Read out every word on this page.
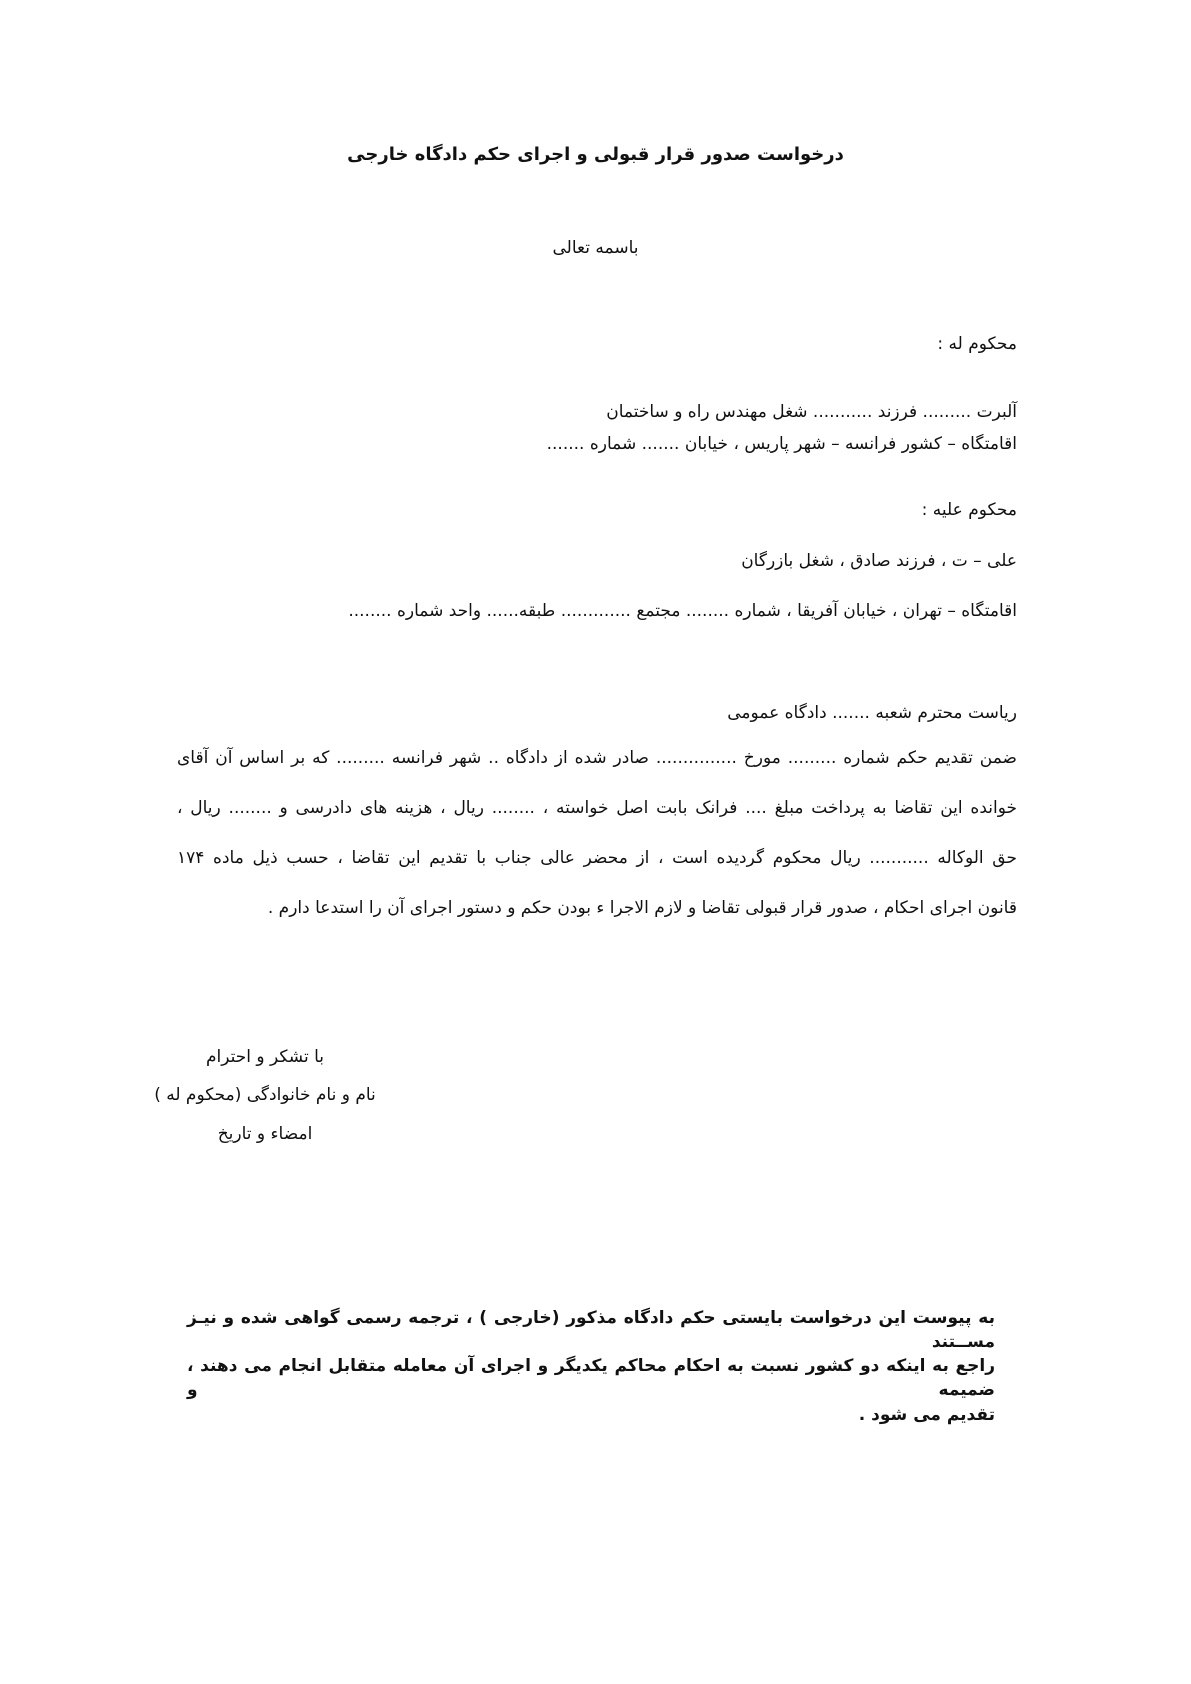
درخواست صدور قرار قبولی و اجرای حکم دادگاه خارجی
باسمه تعالی
محکوم له :
آلبرت ......... فرزند ........... شغل مهندس راه و ساختمان
اقامتگاه – کشور فرانسه – شهر پاریس ، خیابان ....... شماره .......
محکوم علیه :
علی – ت ، فرزند صادق ، شغل بازرگان
اقامتگاه – تهران ، خیابان آفریقا ، شماره ........ مجتمع ............. طبقه...... واحد شماره ........
ریاست محترم شعبه ....... دادگاه عمومی
ضمن تقدیم حکم شماره ......... مورخ ............... صادر شده از دادگاه .. شهر فرانسه ......... که بر اساس آن آقای
خوانده این تقاضا به پرداخت مبلغ .... فرانک بابت اصل خواسته ، ........ ریال ، هزینه های دادرسی و ........ ریال ،
حق الوکاله ........... ریال محکوم گردیده است ، از محضر عالی جناب با تقدیم این تقاضا ، حسب ذیل ماده ۱۷۴
قانون اجرای احکام ، صدور قرار قبولی تقاضا و لازم الاجرا ء بودن حکم و دستور اجرای آن را استدعا دارم .
با تشکر و احترام
نام و نام خانوادگی (محکوم له )
امضاء و تاریخ
به پیوست این درخواست بایستی حکم دادگاه مذکور (خارجی ) ، ترجمه رسمی گواهی شده و نیـز مســتند
راجع به اینکه دو کشور نسبت به احکام محاکم یکدیگر و اجرای آن معامله متقابل انجام می دهند ، ضمیمه و
تقدیم می شود .
